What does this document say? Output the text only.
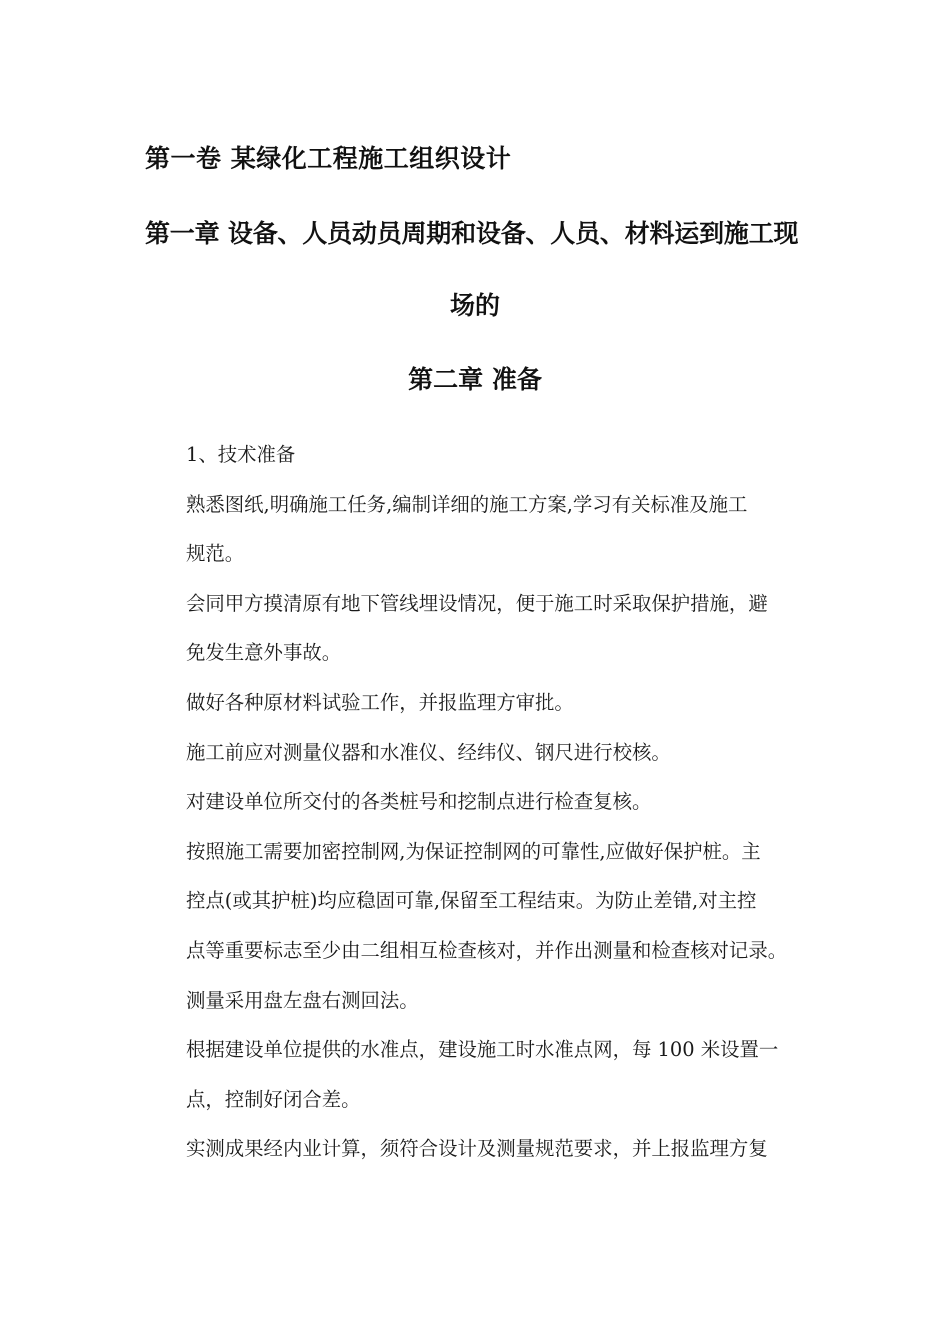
第一卷 某绿化工程施工组织设计
第一章 设备、人员动员周期和设备、人员、材料运到施工现
场的
第二章 准备

1、技术准备

熟悉图纸,明确施工任务,编制详细的施工方案,学习有关标准及施工

规范。

会同甲方摸清原有地下管线埋设情况，便于施工时采取保护措施，避

免发生意外事故。

做好各种原材料试验工作，并报监理方审批。

施工前应对测量仪器和水准仪、经纬仪、钢尺进行校核。

对建设单位所交付的各类桩号和挖制点进行检查复核。

按照施工需要加密控制网,为保证控制网的可靠性,应做好保护桩。主

控点(或其护桩)均应稳固可靠,保留至工程结束。为防止差错,对主控

点等重要标志至少由二组相互检查核对，并作出测量和检查核对记录。

测量采用盘左盘右测回法。

根据建设单位提供的水准点，建设施工时水准点网，每 100 米设置一

点，控制好闭合差。

实测成果经内业计算，须符合设计及测量规范要求，并上报监理方复
